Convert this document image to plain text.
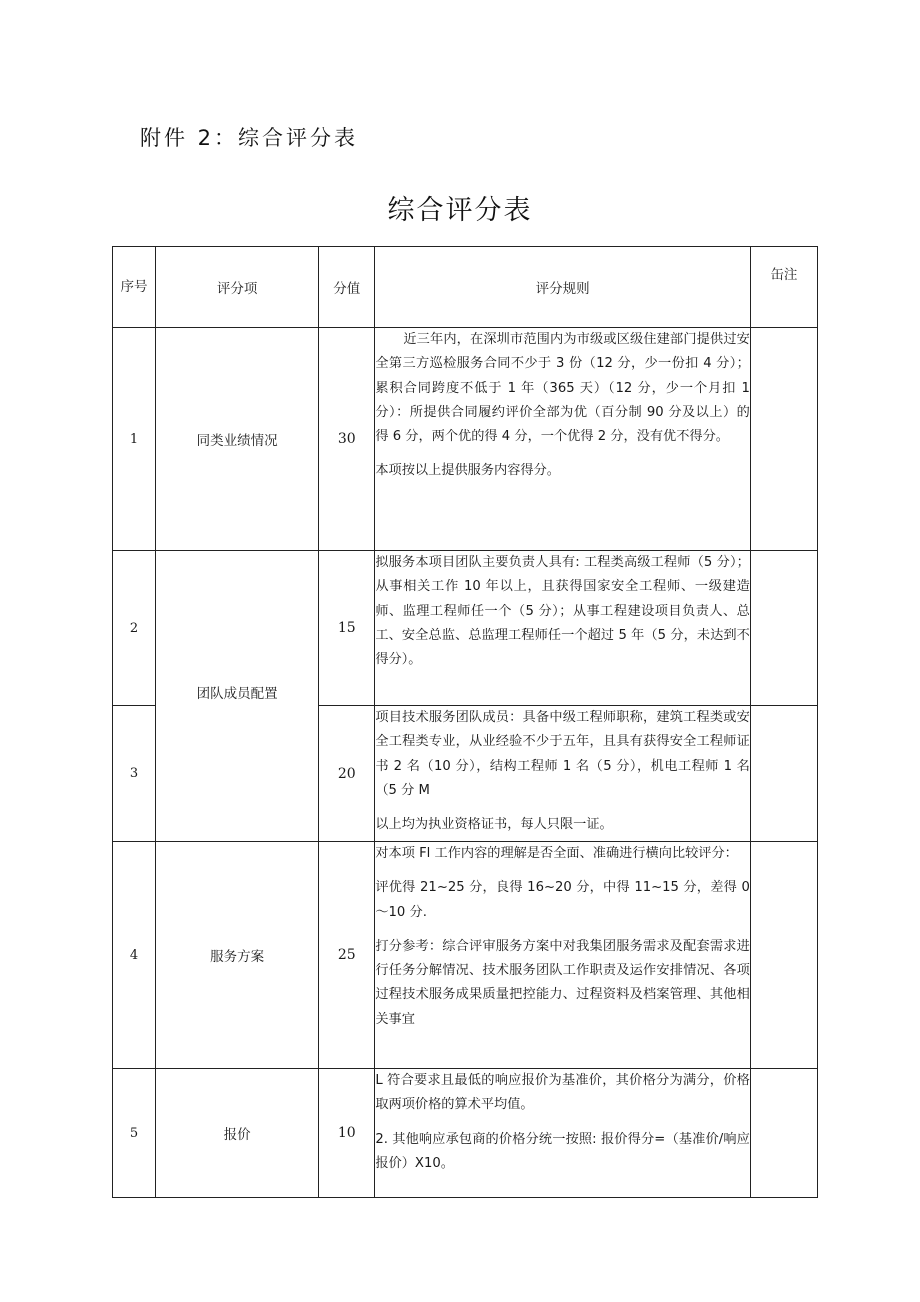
附件 2：综合评分表
综合评分表
序号	评分项	分值	评分规则	缶注
1	同类业绩情况	30	近三年内，在深圳市范围内为市级或区级住建部门提供过安全第三方巡检服务合同不少于 3 份（12 分，少一份扣 4 分）；累积合同跨度不低于 1 年（365 天）（12 分，少一个月扣 1 分）：所提供合同履约评价全部为优（百分制 90 分及以上）的得 6 分，两个优的得 4 分，一个优得 2 分，没有优不得分。

本项按以上提供服务内容得分。	

2	团队成员配置	15	拟服务本项目团队主要负责人具有: 工程类高级工程师（5 分）；从事相关工作 10 年以上，且获得国家安全工程师、一级建造师、监理工程师任一个（5 分）；从事工程建设项目负责人、总工、安全总监、总监理工程师任一个超过 5 年（5 分，未达到不得分）。	

3		20	项目技术服务团队成员：具备中级工程师职称，建筑工程类或安全工程类专业，从业经验不少于五年，且具有获得安全工程师证书 2 名（10 分），结构工程师 1 名（5 分），机电工程师 1 名（5 分 M

以上均为执业资格证书，每人只限一证。	

4	服务方案	25	对本项 Fl 工作内容的理解是否全面、准确进行横向比较评分：

评优得 21~25 分，良得 16~20 分，中得 11~15 分，差得 0～10 分.

打分参考：综合评审服务方案中对我集团服务需求及配套需求进行任务分解情况、技术服务团队工作职责及运作安排情况、各项过程技术服务成果质量把控能力、过程资料及档案管理、其他相关事宜	

5	报价	10	L 符合要求且最低的响应报价为基准价，其价格分为满分，价格取两项价格的算术平均值。

2. 其他响应承包商的价格分统一按照: 报价得分=（基准价/响应报价）X10。	
